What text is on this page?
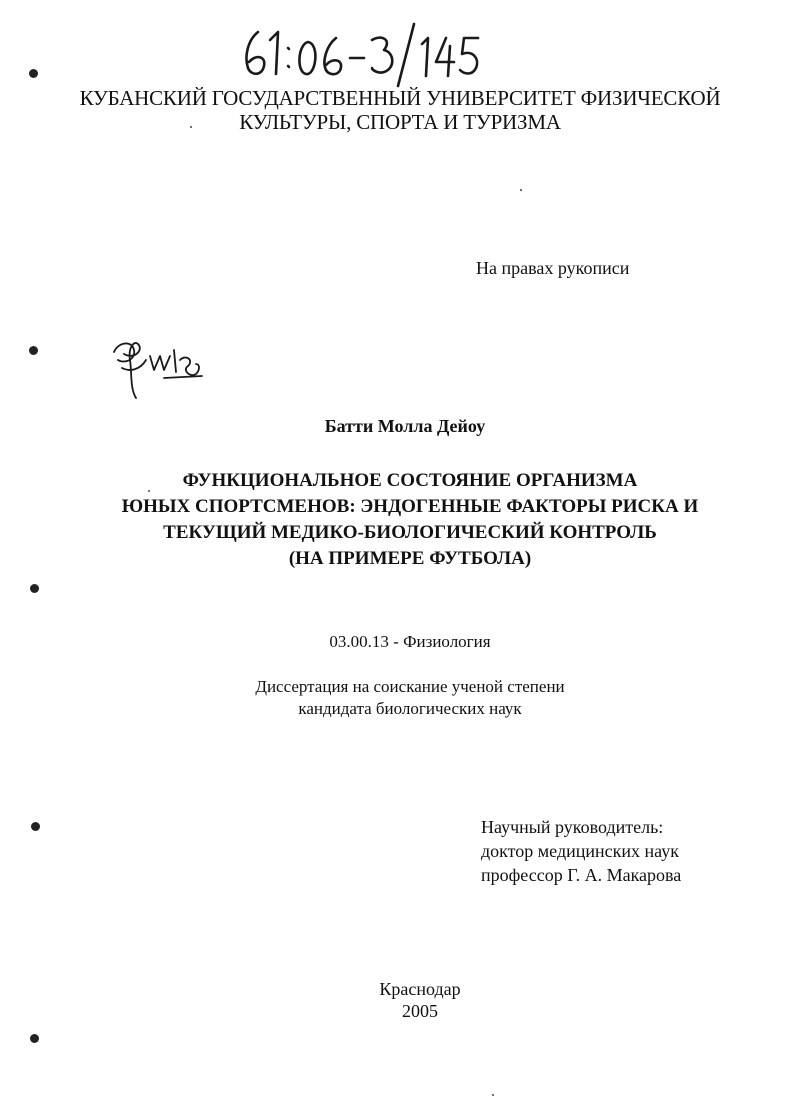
КУБАНСКИЙ ГОСУДАРСТВЕННЫЙ УНИВЕРСИТЕТ ФИЗИЧЕСКОЙ
КУЛЬТУРЫ, СПОРТА И ТУРИЗМА
На правах рукописи
Батти Молла Дейоу
ФУНКЦИОНАЛЬНОЕ СОСТОЯНИЕ ОРГАНИЗМА
ЮНЫХ СПОРТСМЕНОВ: ЭНДОГЕННЫЕ ФАКТОРЫ РИСКА И
ТЕКУЩИЙ МЕДИКО-БИОЛОГИЧЕСКИЙ КОНТРОЛЬ
(НА ПРИМЕРЕ ФУТБОЛА)
03.00.13 - Физиология
Диссертация на соискание ученой степени
кандидата биологических наук
Научный руководитель:
доктор медицинских наук
профессор Г. А. Макарова
Краснодар
2005
